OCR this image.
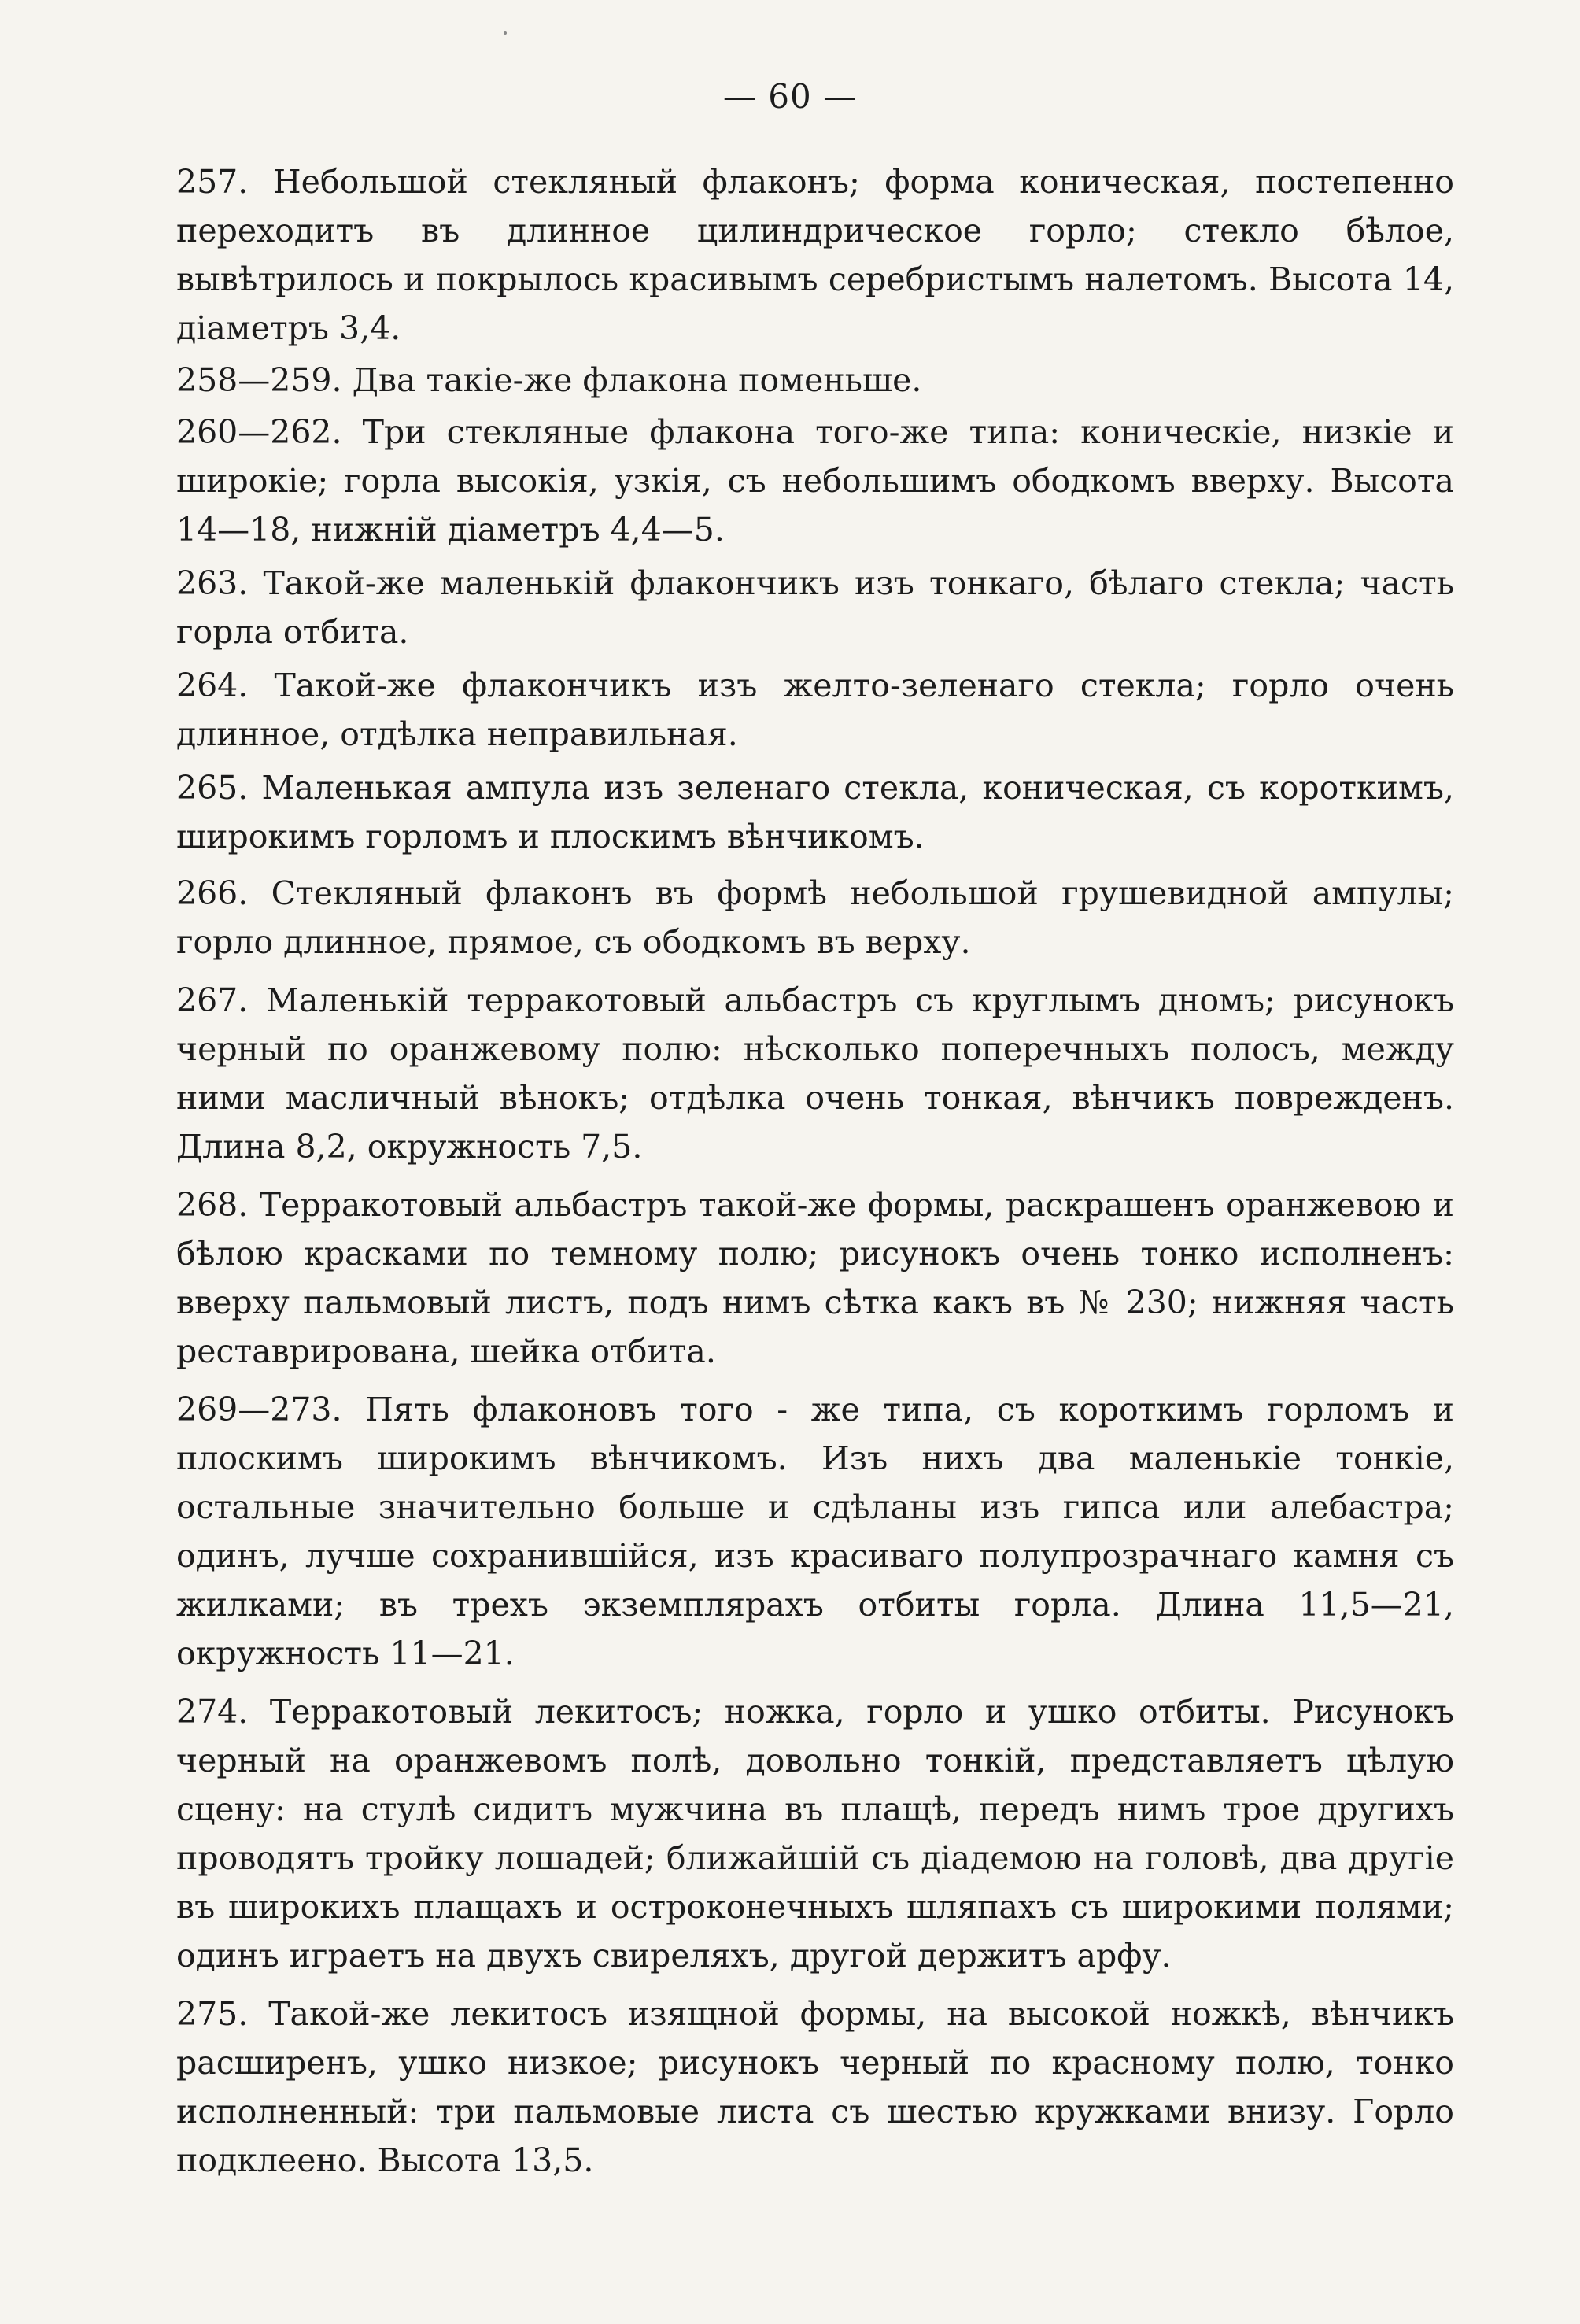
— 60 —

257. Небольшой стекляный флаконъ; форма коническая, постепенно переходитъ въ длинное цилиндрическое горло; стекло бѣлое, вывѣтрилось и покрылось красивымъ серебристымъ налетомъ. Высота 14, діаметръ 3,4.

258—259. Два такіе-же флакона поменьше.

260—262. Три стекляные флакона того-же типа: коническіе, низкіе и широкіе; горла высокія, узкія, съ небольшимъ ободкомъ вверху. Высота 14—18, нижній діаметръ 4,4—5.

263. Такой-же маленькій флакончикъ изъ тонкаго, бѣлаго стекла; часть горла отбита.

264. Такой-же флакончикъ изъ желто-зеленаго стекла; горло очень длинное, отдѣлка неправильная.

265. Маленькая ампула изъ зеленаго стекла, коническая, съ короткимъ, широкимъ горломъ и плоскимъ вѣнчикомъ.

266. Стекляный флаконъ въ формѣ небольшой грушевидной ампулы; горло длинное, прямое, съ ободкомъ въ верху.

267. Маленькій терракотовый альбастръ съ круглымъ дномъ; рисунокъ черный по оранжевому полю: нѣсколько поперечныхъ полосъ, между ними масличный вѣнокъ; отдѣлка очень тонкая, вѣнчикъ поврежденъ. Длина 8,2, окружность 7,5.

268. Терракотовый альбастръ такой-же формы, раскрашенъ оранжевою и бѣлою красками по темному полю; рисунокъ очень тонко исполненъ: вверху пальмовый листъ, подъ нимъ сѣтка какъ въ № 230; нижняя часть реставрирована, шейка отбита.

269—273. Пять флаконовъ того - же типа, съ короткимъ горломъ и плоскимъ широкимъ вѣнчикомъ. Изъ нихъ два маленькіе тонкіе, остальные значительно больше и сдѣланы изъ гипса или алебастра; одинъ, лучше сохранившійся, изъ красиваго полупрозрачнаго камня съ жилками; въ трехъ экземплярахъ отбиты горла. Длина 11,5—21, окружность 11—21.

274. Терракотовый лекитосъ; ножка, горло и ушко отбиты. Рисунокъ черный на оранжевомъ полѣ, довольно тонкій, представляетъ цѣлую сцену: на стулѣ сидитъ мужчина въ плащѣ, передъ нимъ трое другихъ проводятъ тройку лошадей; ближайшій съ діадемою на головѣ, два другіе въ широкихъ плащахъ и остроконечныхъ шляпахъ съ широкими полями; одинъ играетъ на двухъ свиреляхъ, другой держитъ арфу.

275. Такой-же лекитосъ изящной формы, на высокой ножкѣ, вѣнчикъ расширенъ, ушко низкое; рисунокъ черный по красному полю, тонко исполненный: три пальмовые листа съ шестью кружками внизу. Горло подклеено. Высота 13,5.
